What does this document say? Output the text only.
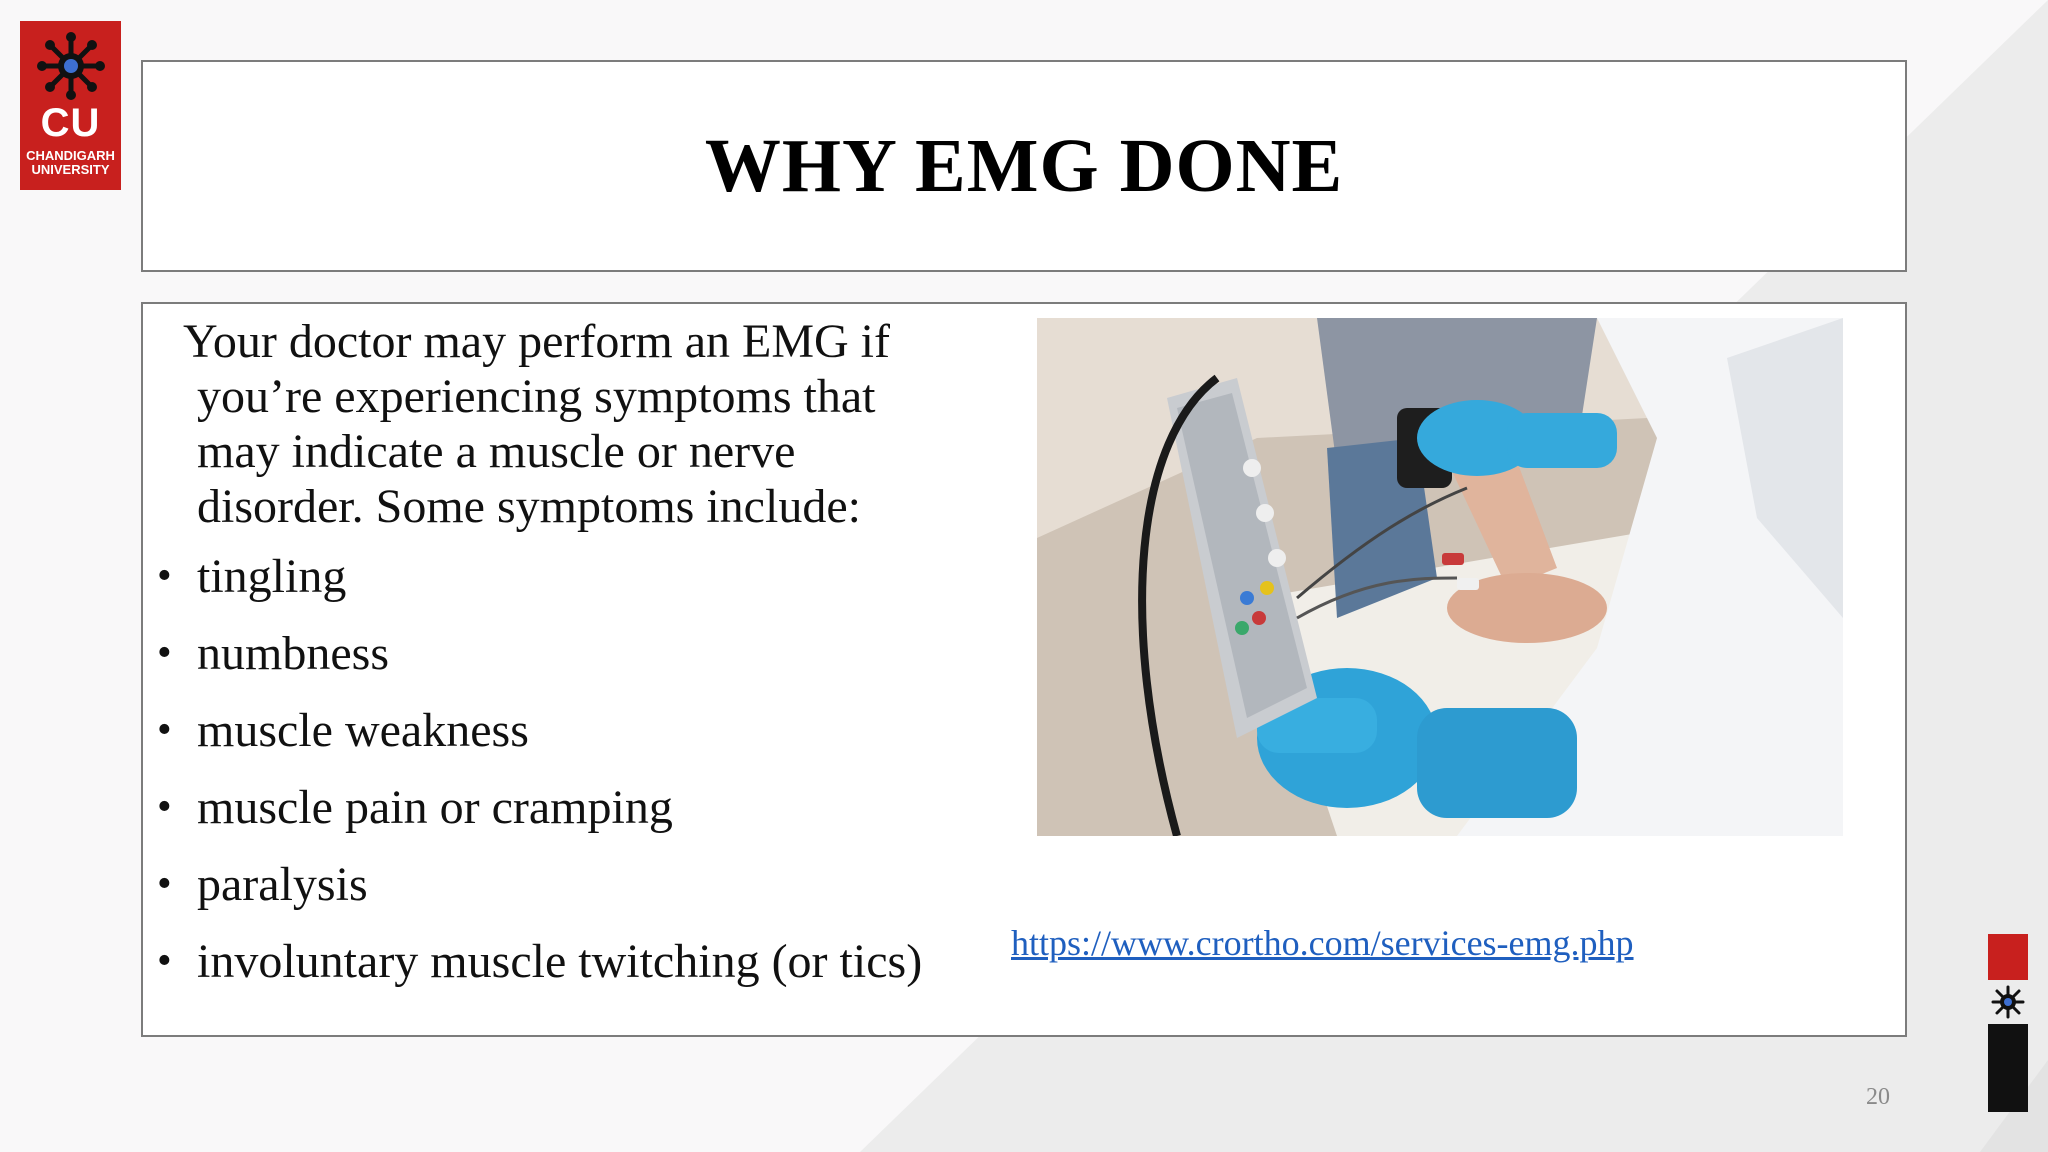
CU
CHANDIGARH
UNIVERSITY	WHY EMG DONE

Your doctor may perform an EMG if
you’re experiencing symptoms that may indicate a muscle or nerve disorder. Some symptoms include:

• tingling
• numbness
• muscle weakness
• muscle pain or cramping
• paralysis
• involuntary muscle twitching (or tics) https://www.crortho.com/services-emg.php
20
